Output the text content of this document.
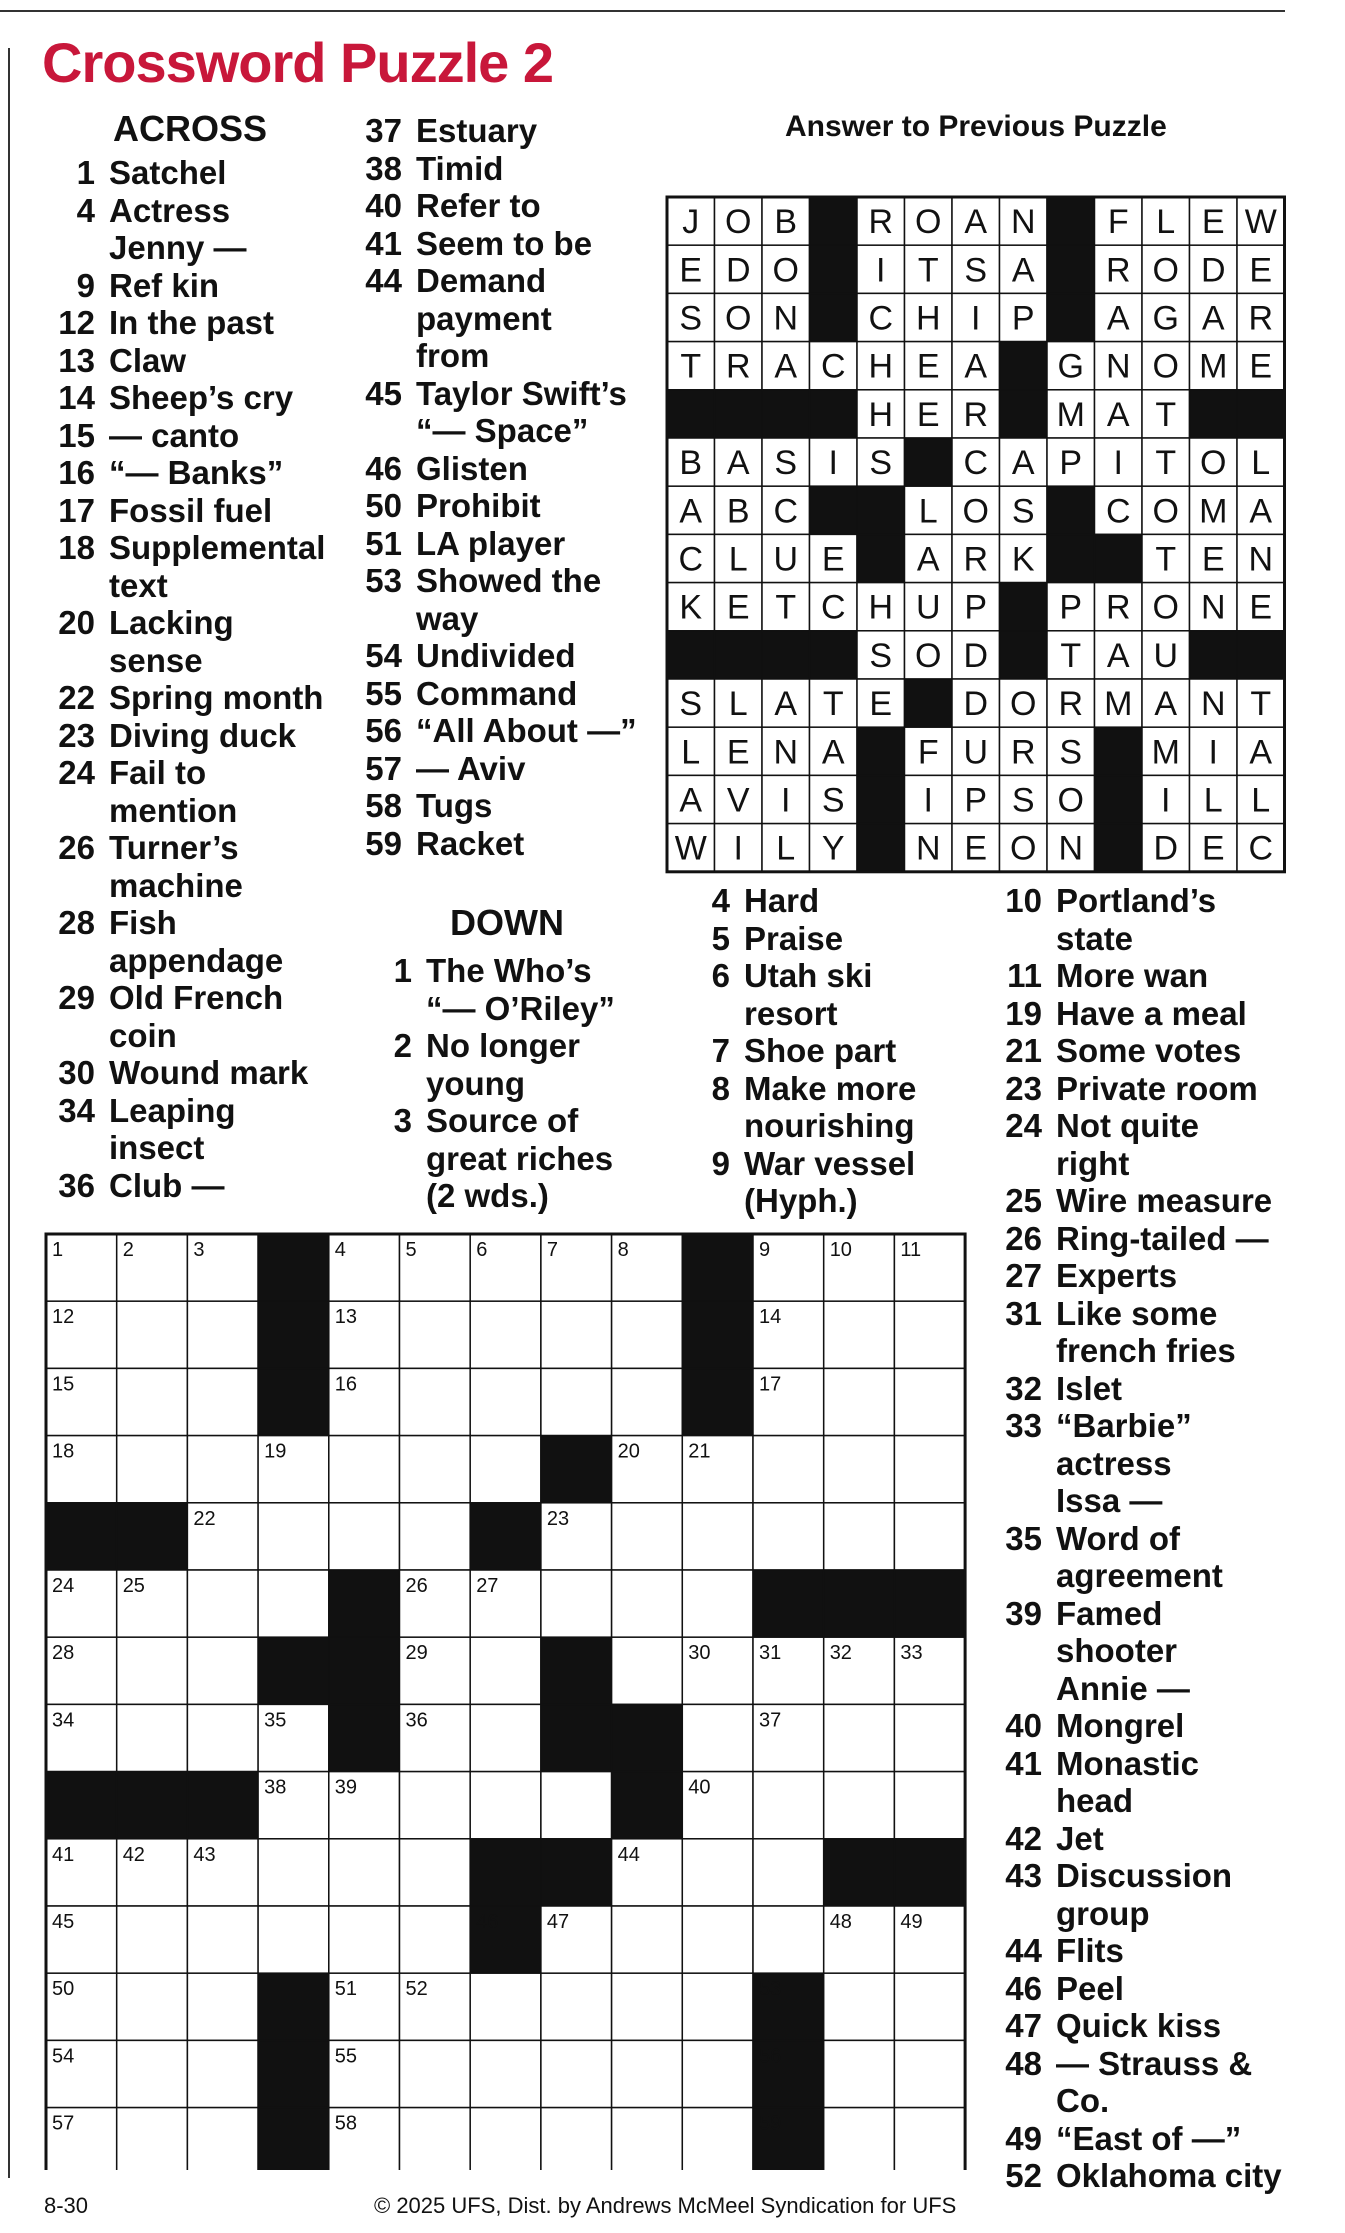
Crossword Puzzle 2
ACROSS
1 Satchel
4 Actress
Jenny —
9 Ref kin
12 In the past
13 Claw
14 Sheep’s cry
15 — canto
16 “— Banks”
17 Fossil fuel
18 Supplemental
text
20 Lacking
sense
22 Spring month
23 Diving duck
24 Fail to
mention
26 Turner’s
machine
28 Fish
appendage
29 Old French
coin
30 Wound mark
34 Leaping
insect
36 Club —
37 Estuary
38 Timid
40 Refer to
41 Seem to be
44 Demand
payment
from
45 Taylor Swift’s
“— Space”
46 Glisten
50 Prohibit
51 LA player
53 Showed the
way
54 Undivided
55 Command
56 “All About —”
57 — Aviv
58 Tugs
59 Racket
DOWN
1 The Who’s
“— O’Riley”
2 No longer
young
3 Source of
great riches
(2 wds.)
4 Hard
5 Praise
6 Utah ski
resort
7 Shoe part
8 Make more
nourishing
9 War vessel
(Hyph.)
10 Portland’s
state
11 More wan
19 Have a meal
21 Some votes
23 Private room
24 Not quite
right
25 Wire measure
26 Ring-tailed —
27 Experts
31 Like some
french fries
32 Islet
33 “Barbie”
actress
Issa —
35 Word of
agreement
39 Famed
shooter
Annie —
40 Mongrel
41 Monastic
head
42 Jet
43 Discussion
group
44 Flits
46 Peel
47 Quick kiss
48 — Strauss &
Co.
49 “East of —”
52 Oklahoma city
Answer to Previous Puzzle
J O B R O A N F L E W
E D O I T S A R O D E
S O N C H I P A G A R
T R A C H E A G N O M E
H E R M A T
B A S I S C A P I T O L
A B C	L O S C O M A
C L U E A R K	T E N
K E T C H U P P R O N E
S O D T A U
S L A T E D O R M A N T
L E N A F U R S M I A
A V I S I P S O I L L
W I L Y N E O N D E C
1	2	3	4	5	6	7	8	9	10 11
12	13	14
15	16	17
18	19	20 21
22	23
24 25	26 27
28	29	30 31 32 33
34	35	36	37
38 39	40
41 42 43	44
45	46 47	48 49
50	51 52	53
54	55	56
57	58	59
8-30	© 2025 UFS, Dist. by Andrews McMeel Syndication for UFS
